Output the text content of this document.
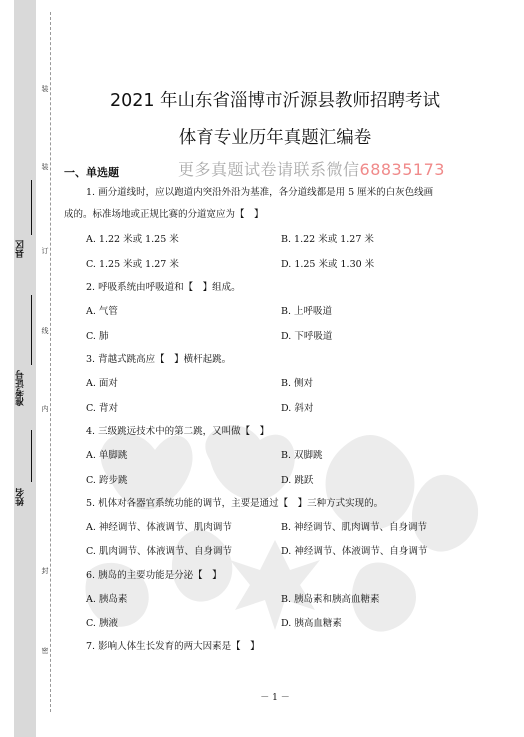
装
装
订
线
内
封
密
县区
准考证号
姓名
2021 年山东省淄博市沂源县教师招聘考试
体育专业历年真题汇编卷
一、单选题	更多真题试卷请联系微信68835173
1. 画分道线时，应以跑道内突沿外沿为基准，各分道线都是用 5 厘米的白灰色线画
成的。标准场地或正规比赛的分道宽应为【　】
A. 1.22 米或 1.25 米	B. 1.22 米或 1.27 米
C. 1.25 米或 1.27 米	D. 1.25 米或 1.30 米
2. 呼吸系统由呼吸道和【　】组成。
A. 气管	B. 上呼吸道
C. 肺	D. 下呼吸道
3. 背越式跳高应【　】横杆起跳。
A. 面对	B. 侧对
C. 背对	D. 斜对
4. 三级跳远技术中的第二跳，又叫做【　】
A. 单脚跳	B. 双脚跳
C. 跨步跳	D. 跳跃
5. 机体对各器官系统功能的调节，主要是通过【　】三种方式实现的。
A. 神经调节、体液调节、肌肉调节	B. 神经调节、肌肉调节、自身调节
C. 肌肉调节、体液调节、自身调节	D. 神经调节、体液调节、自身调节
6. 胰岛的主要功能是分泌【　】
A. 胰岛素	B. 胰岛素和胰高血糖素
C. 胰液	D. 胰高血糖素
7. 影响人体生长发育的两大因素是【　】
－ 1 －
